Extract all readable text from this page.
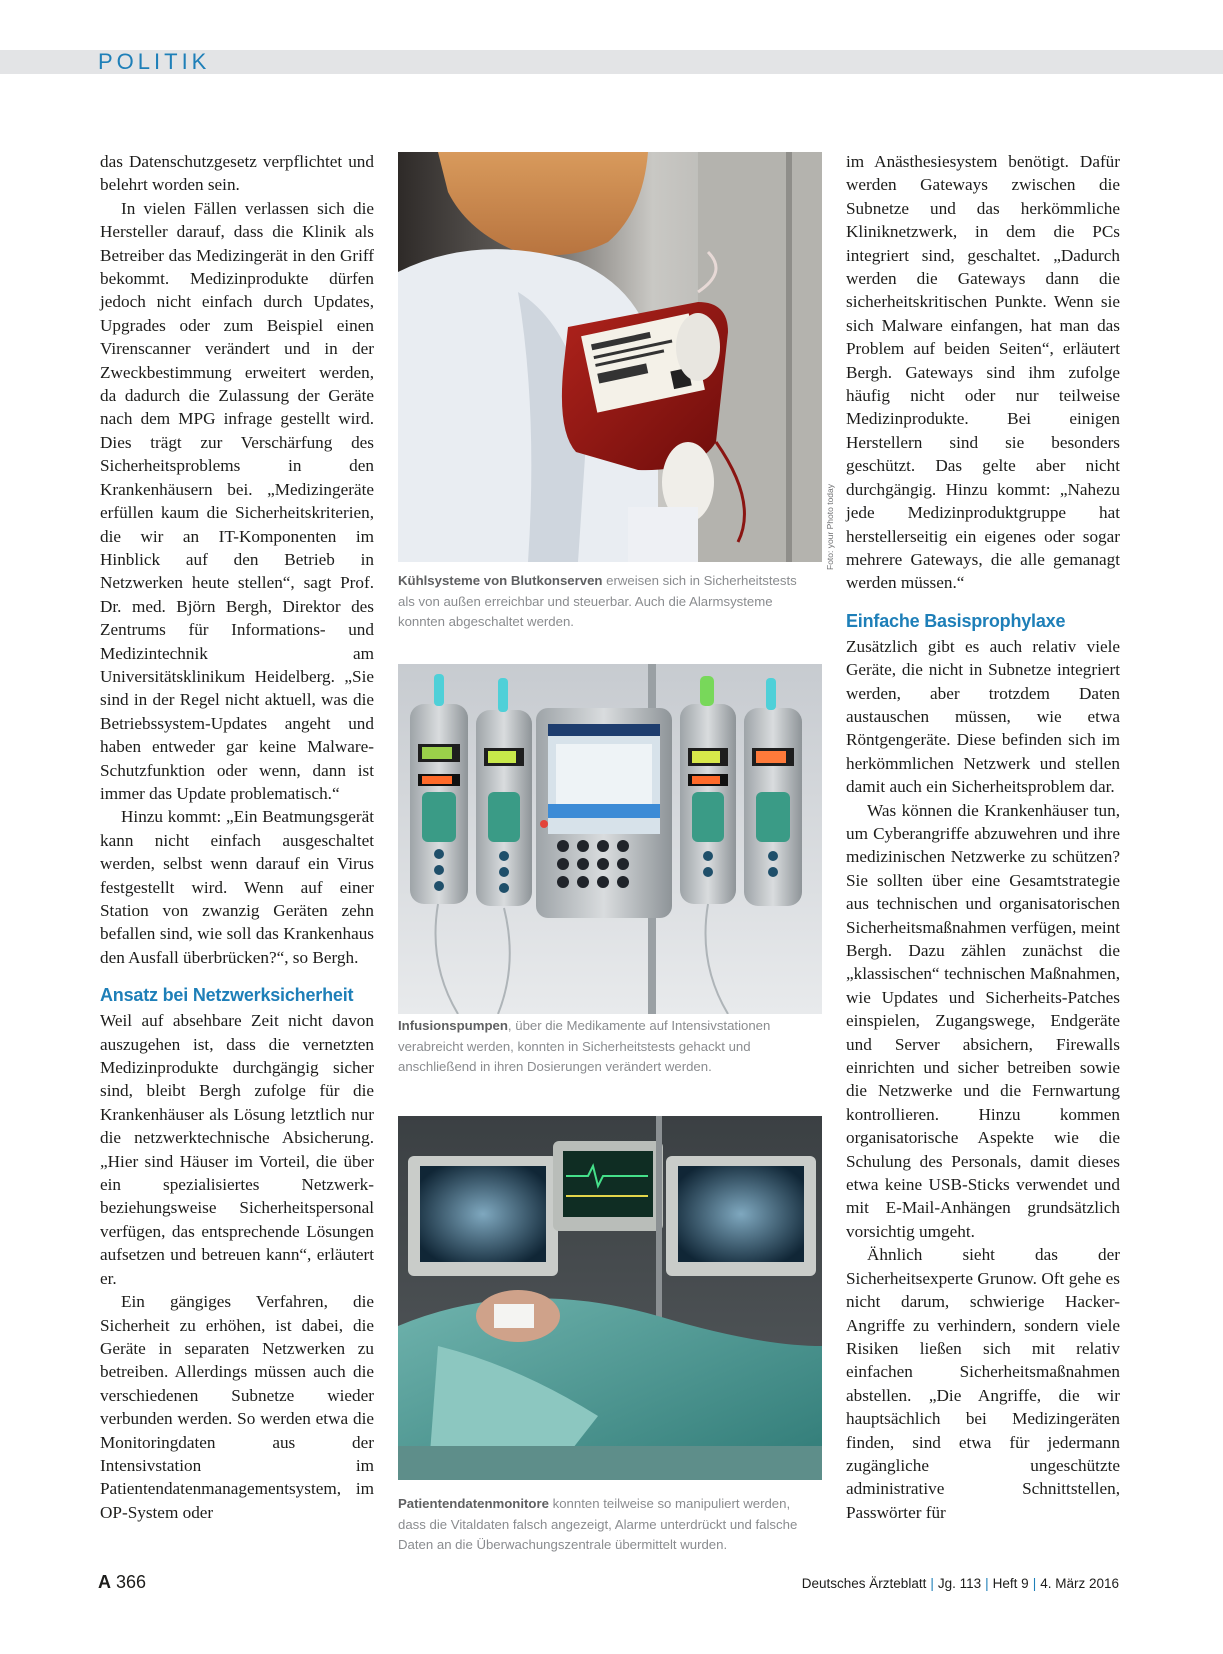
POLITIK

das Datenschutzgesetz verpflichtet und belehrt worden sein.

In vielen Fällen verlassen sich die Hersteller darauf, dass die Klinik als Betreiber das Medizingerät in den Griff bekommt. Medizinprodukte dürfen jedoch nicht einfach durch Updates, Upgrades oder zum Beispiel einen Virenscanner verändert und in der Zweckbestimmung erweitert werden, da dadurch die Zulassung der Geräte nach dem MPG infrage gestellt wird. Dies trägt zur Verschärfung des Sicherheitsproblems in den Krankenhäusern bei. „Medizingeräte erfüllen kaum die Sicherheitskriterien, die wir an IT-Komponenten im Hinblick auf den Betrieb in Netzwerken heute stellen“, sagt Prof. Dr. med. Björn Bergh, Direktor des Zentrums für Informations- und Medizintechnik am Universitätsklinikum Heidelberg. „Sie sind in der Regel nicht aktuell, was die Betriebssystem-Updates angeht und haben entweder gar keine Malware-Schutzfunktion oder wenn, dann ist immer das Update problematisch.“

Hinzu kommt: „Ein Beatmungsgerät kann nicht einfach ausgeschaltet werden, selbst wenn darauf ein Virus festgestellt wird. Wenn auf einer Station von zwanzig Geräten zehn befallen sind, wie soll das Krankenhaus den Ausfall überbrücken?“, so Bergh.

Ansatz bei Netzwerksicherheit

Weil auf absehbare Zeit nicht davon auszugehen ist, dass die vernetzten Medizinprodukte durchgängig sicher sind, bleibt Bergh zufolge für die Krankenhäuser als Lösung letztlich nur die netzwerktechnische Absicherung. „Hier sind Häuser im Vorteil, die über ein spezialisiertes Netzwerk- beziehungsweise Sicherheitspersonal verfügen, das entsprechende Lösungen aufsetzen und betreuen kann“, erläutert er.

Ein gängiges Verfahren, die Sicherheit zu erhöhen, ist dabei, die Geräte in separaten Netzwerken zu betreiben. Allerdings müssen auch die verschiedenen Subnetze wieder verbunden werden. So werden etwa die Monitoringdaten aus der Intensivstation im Patientendatenmanagementsystem, im OP-System oder

Foto: your Photo today
Kühlsysteme von Blutkonserven erweisen sich in Sicherheitstests als von außen erreichbar und steuerbar. Auch die Alarmsysteme konnten abgeschaltet werden.
Infusionspumpen, über die Medikamente auf Intensivstationen verabreicht werden, konnten in Sicherheitstests gehackt und anschließend in ihren Dosierungen verändert werden.
Patientendatenmonitore konnten teilweise so manipuliert werden, dass die Vitaldaten falsch angezeigt, Alarme unterdrückt und falsche Daten an die Überwachungszentrale übermittelt wurden.

im Anästhesiesystem benötigt. Dafür werden Gateways zwischen die Subnetze und das herkömmliche Kliniknetzwerk, in dem die PCs integriert sind, geschaltet. „Dadurch werden die Gateways dann die sicherheitskritischen Punkte. Wenn sie sich Malware einfangen, hat man das Problem auf beiden Seiten“, erläutert Bergh. Gateways sind ihm zufolge häufig nicht oder nur teilweise Medizinprodukte. Bei einigen Herstellern sind sie besonders geschützt. Das gelte aber nicht durchgängig. Hinzu kommt: „Nahezu jede Medizinproduktgruppe hat herstellerseitig ein eigenes oder sogar mehrere Gateways, die alle gemanagt werden müssen.“

Einfache Basisprophylaxe

Zusätzlich gibt es auch relativ viele Geräte, die nicht in Subnetze integriert werden, aber trotzdem Daten austauschen müssen, wie etwa Röntgengeräte. Diese befinden sich im herkömmlichen Netzwerk und stellen damit auch ein Sicherheitsproblem dar.

Was können die Krankenhäuser tun, um Cyberangriffe abzuwehren und ihre medizinischen Netzwerke zu schützen? Sie sollten über eine Gesamtstrategie aus technischen und organisatorischen Sicherheitsmaßnahmen verfügen, meint Bergh. Dazu zählen zunächst die „klassischen“ technischen Maßnahmen, wie Updates und Sicherheits-Patches einspielen, Zugangswege, Endgeräte und Server absichern, Firewalls einrichten und sicher betreiben sowie die Netzwerke und die Fernwartung kontrollieren. Hinzu kommen organisatorische Aspekte wie die Schulung des Personals, damit dieses etwa keine USB-Sticks verwendet und mit E-Mail-Anhängen grundsätzlich vorsichtig umgeht.

Ähnlich sieht das der Sicherheitsexperte Grunow. Oft gehe es nicht darum, schwierige Hacker-Angriffe zu verhindern, sondern viele Risiken ließen sich mit relativ einfachen Sicherheitsmaßnahmen abstellen. „Die Angriffe, die wir hauptsächlich bei Medizingeräten finden, sind etwa für jedermann zugängliche ungeschützte administrative Schnittstellen, Passwörter für

A 366	Deutsches Ärzteblatt | Jg. 113 | Heft 9 | 4. März 2016
